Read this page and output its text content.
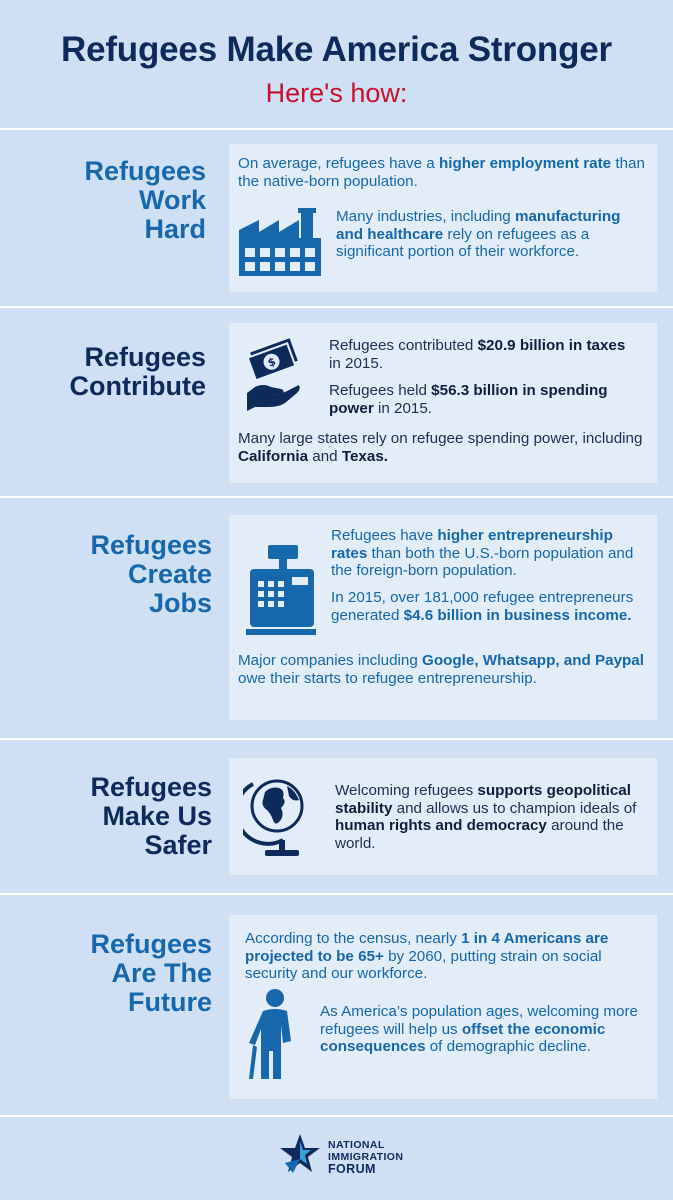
Refugees Make America Stronger
Here's how:
Refugees
Work
Hard
On average, refugees have a higher employment rate than the native-born population.
Many industries, including manufacturing and healthcare rely on refugees as a significant portion of their workforce.
Refugees
Contribute
$
Refugees contributed $20.9 billion in taxes in 2015.
Refugees held $56.3 billion in spending power in 2015.
Many large states rely on refugee spending power, including California and Texas.
Refugees
Create
Jobs
Refugees have higher entrepreneurship rates than both the U.S.-born population and the foreign-born population.
In 2015, over 181,000 refugee entrepreneurs generated $4.6 billion in business income.
Major companies including Google, Whatsapp, and Paypal owe their starts to refugee entrepreneurship.
Refugees
Make Us
Safer
Welcoming refugees supports geopolitical stability and allows us to champion ideals of human rights and democracy around the world.
Refugees
Are The
Future
According to the census, nearly 1 in 4 Americans are projected to be 65+ by 2060, putting strain on social security and our workforce.
As America’s population ages, welcoming more refugees will help us offset the economic consequences of demographic decline.
NATIONAL
IMMIGRATION
FORUM
